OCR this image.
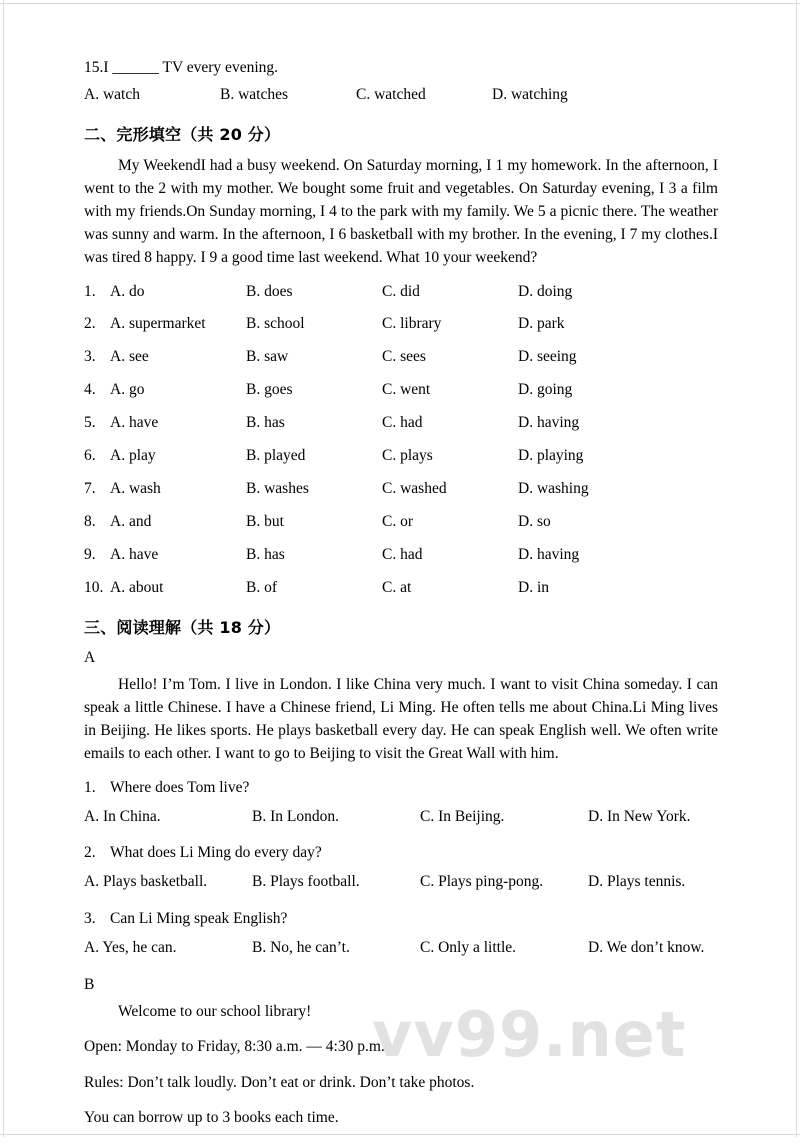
15.I ______ TV every evening.
A. watch	B. watches	C. watched	D. watching
二、完形填空（共 20 分）
My WeekendI had a busy weekend. On Saturday morning, I 1 my homework. In the afternoon, I went to the 2 with my mother. We bought some fruit and vegetables. On Saturday evening, I 3 a film with my friends.On Sunday morning, I 4 to the park with my family. We 5 a picnic there. The weather was sunny and warm. In the afternoon, I 6 basketball with my brother. In the evening, I 7 my clothes.I was tired 8 happy. I 9 a good time last weekend. What 10 your weekend?
1. A. do	B. does	C. did	D. doing
2. A. supermarket	B. school	C. library	D. park
3. A. see	B. saw	C. sees	D. seeing
4. A. go	B. goes	C. went	D. going
5. A. have	B. has	C. had	D. having
6. A. play	B. played	C. plays	D. playing
7. A. wash	B. washes	C. washed	D. washing
8. A. and	B. but	C. or	D. so
9. A. have	B. has	C. had	D. having
10. A. about	B. of	C. at	D. in
三、阅读理解（共 18 分）
A
Hello! I’m Tom. I live in London. I like China very much. I want to visit China someday. I can speak a little Chinese. I have a Chinese friend, Li Ming. He often tells me about China.Li Ming lives in Beijing. He likes sports. He plays basketball every day. He can speak English well. We often write emails to each other. I want to go to Beijing to visit the Great Wall with him.
1. Where does Tom live?
A. In China.	B. In London.	C. In Beijing.	D. In New York.
2. What does Li Ming do every day?
A. Plays basketball.	B. Plays football.	C. Plays ping-pong.	D. Plays tennis.
3. Can Li Ming speak English?
A. Yes, he can.	B. No, he can’t.	C. Only a little.	D. We don’t know.
B
Welcome to our school library!
Open: Monday to Friday, 8:30 a.m. — 4:30 p.m.
Rules: Don’t talk loudly. Don’t eat or drink. Don’t take photos.
You can borrow up to 3 books each time.
vv99.net
